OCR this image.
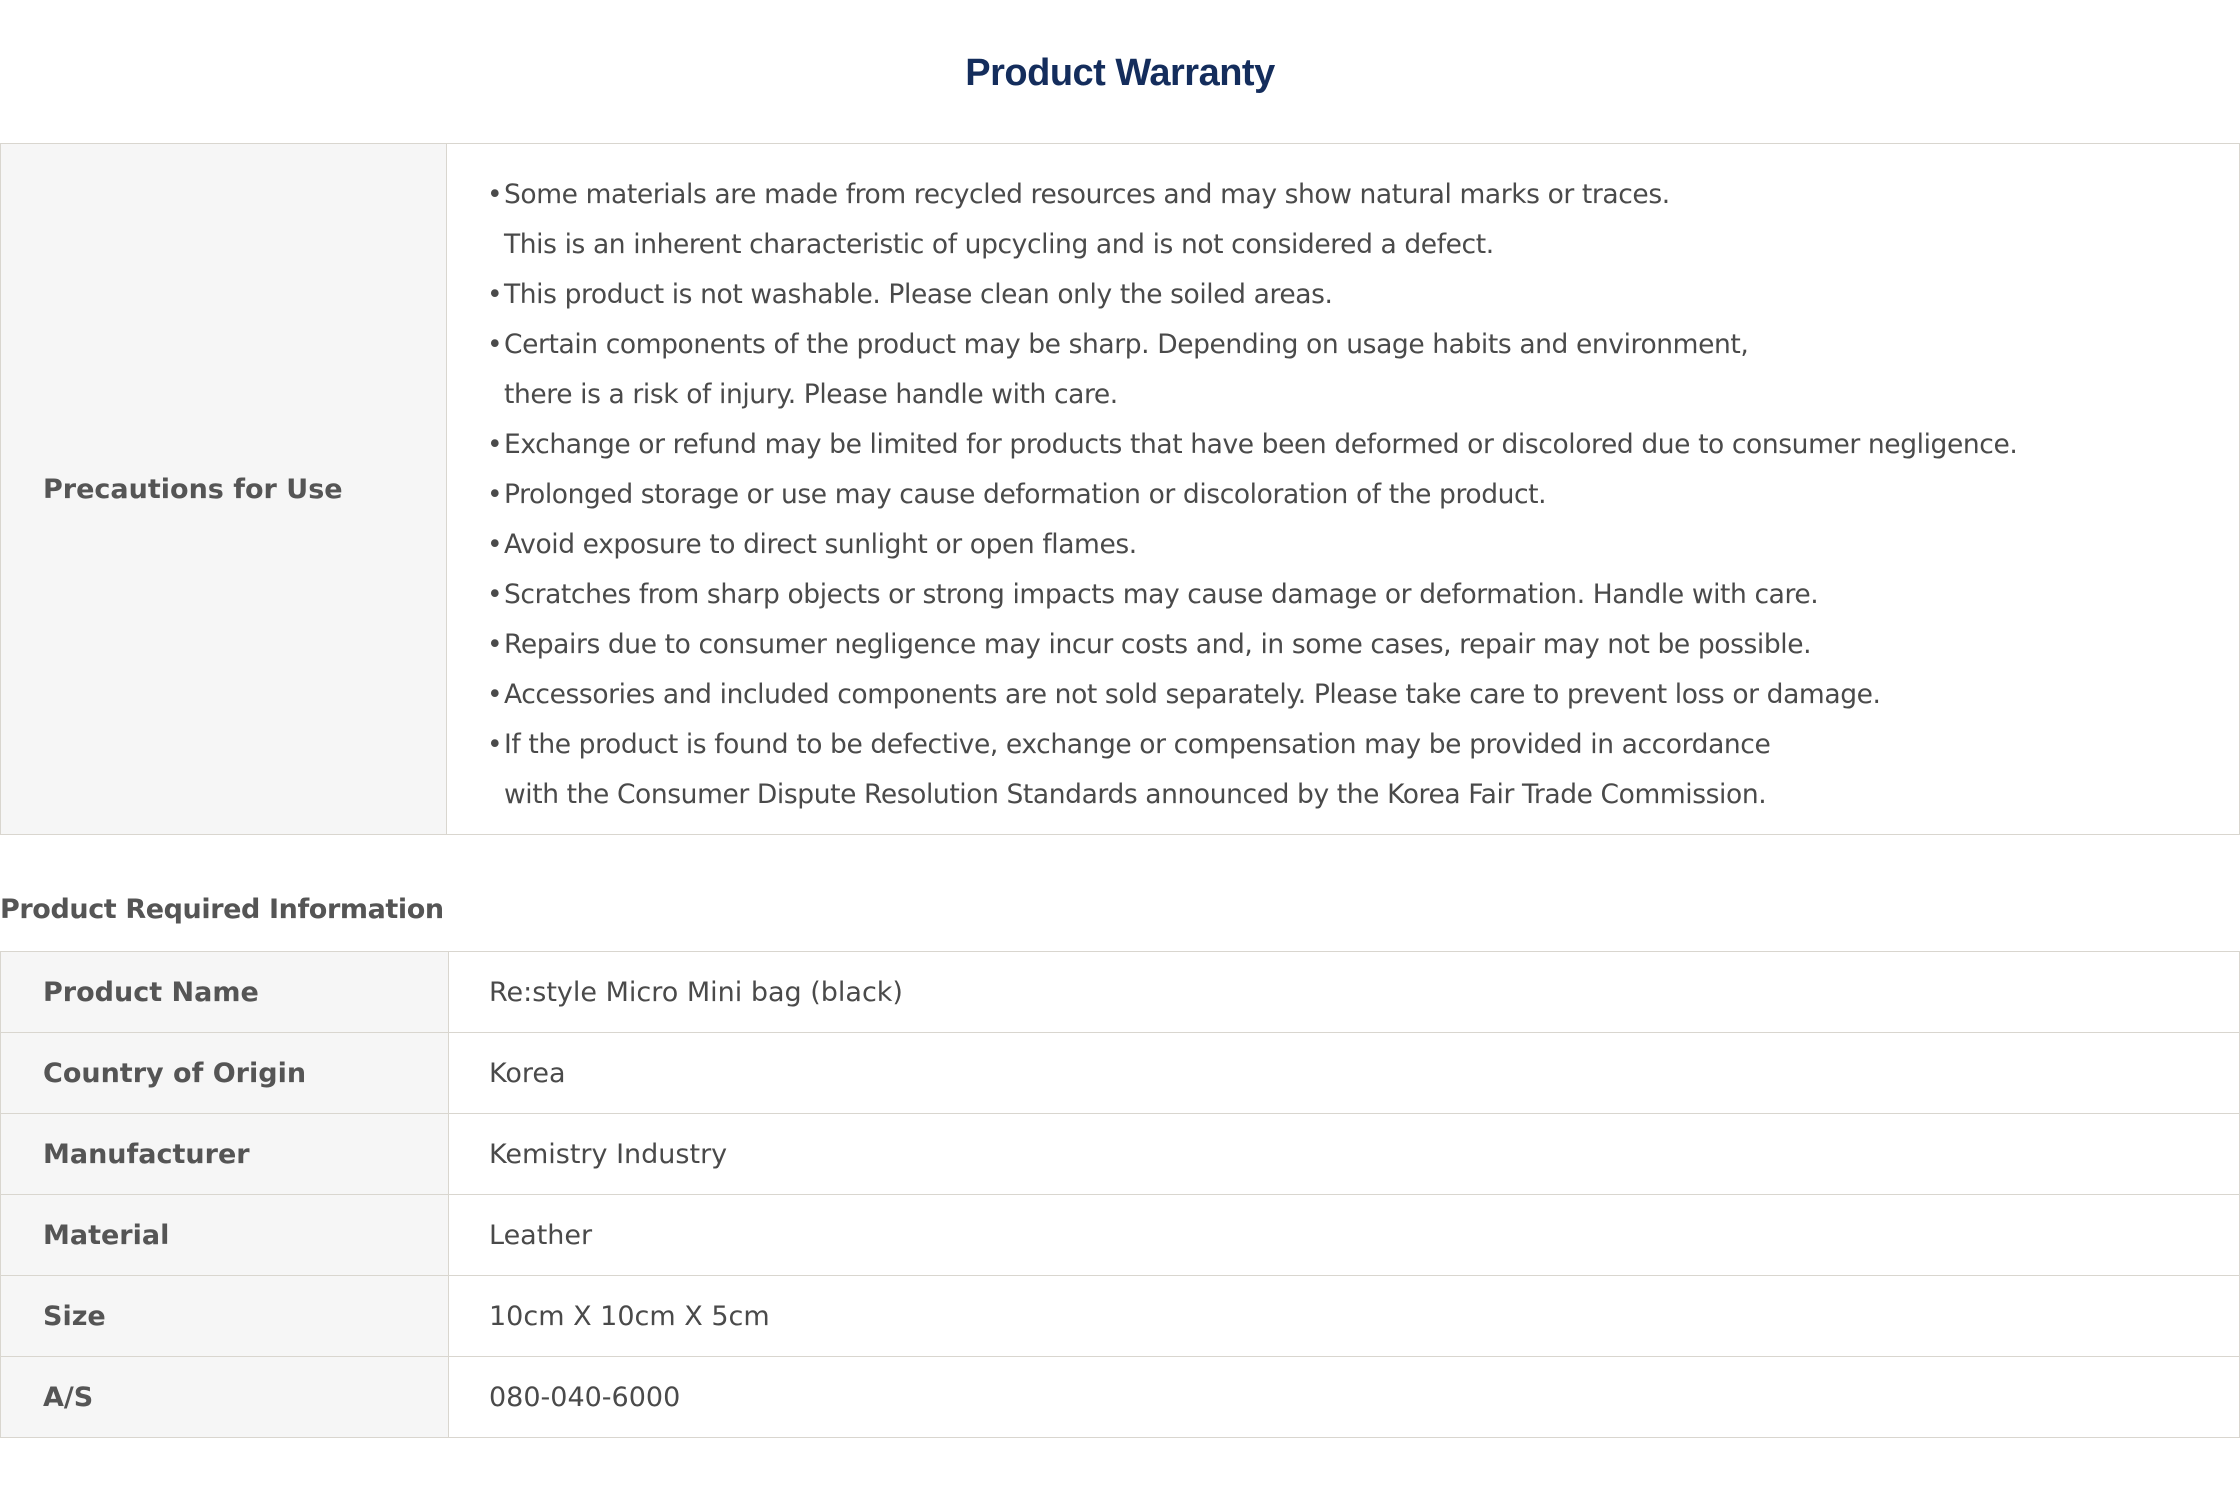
Product Warranty
Precautions for Use
• Some materials are made from recycled resources and may show natural marks or traces.
This is an inherent characteristic of upcycling and is not considered a defect.
• This product is not washable. Please clean only the soiled areas.
• Certain components of the product may be sharp. Depending on usage habits and environment,
there is a risk of injury. Please handle with care.
• Exchange or refund may be limited for products that have been deformed or discolored due to consumer negligence.
• Prolonged storage or use may cause deformation or discoloration of the product.
• Avoid exposure to direct sunlight or open flames.
• Scratches from sharp objects or strong impacts may cause damage or deformation. Handle with care.
• Repairs due to consumer negligence may incur costs and, in some cases, repair may not be possible.
• Accessories and included components are not sold separately. Please take care to prevent loss or damage.
• If the product is found to be defective, exchange or compensation may be provided in accordance
with the Consumer Dispute Resolution Standards announced by the Korea Fair Trade Commission.
Product Required Information
Product Name	Re:style Micro Mini bag (black)
Country of Origin	Korea
Manufacturer	Kemistry Industry
Material	Leather
Size	10cm X 10cm X 5cm
A/S	080-040-6000
